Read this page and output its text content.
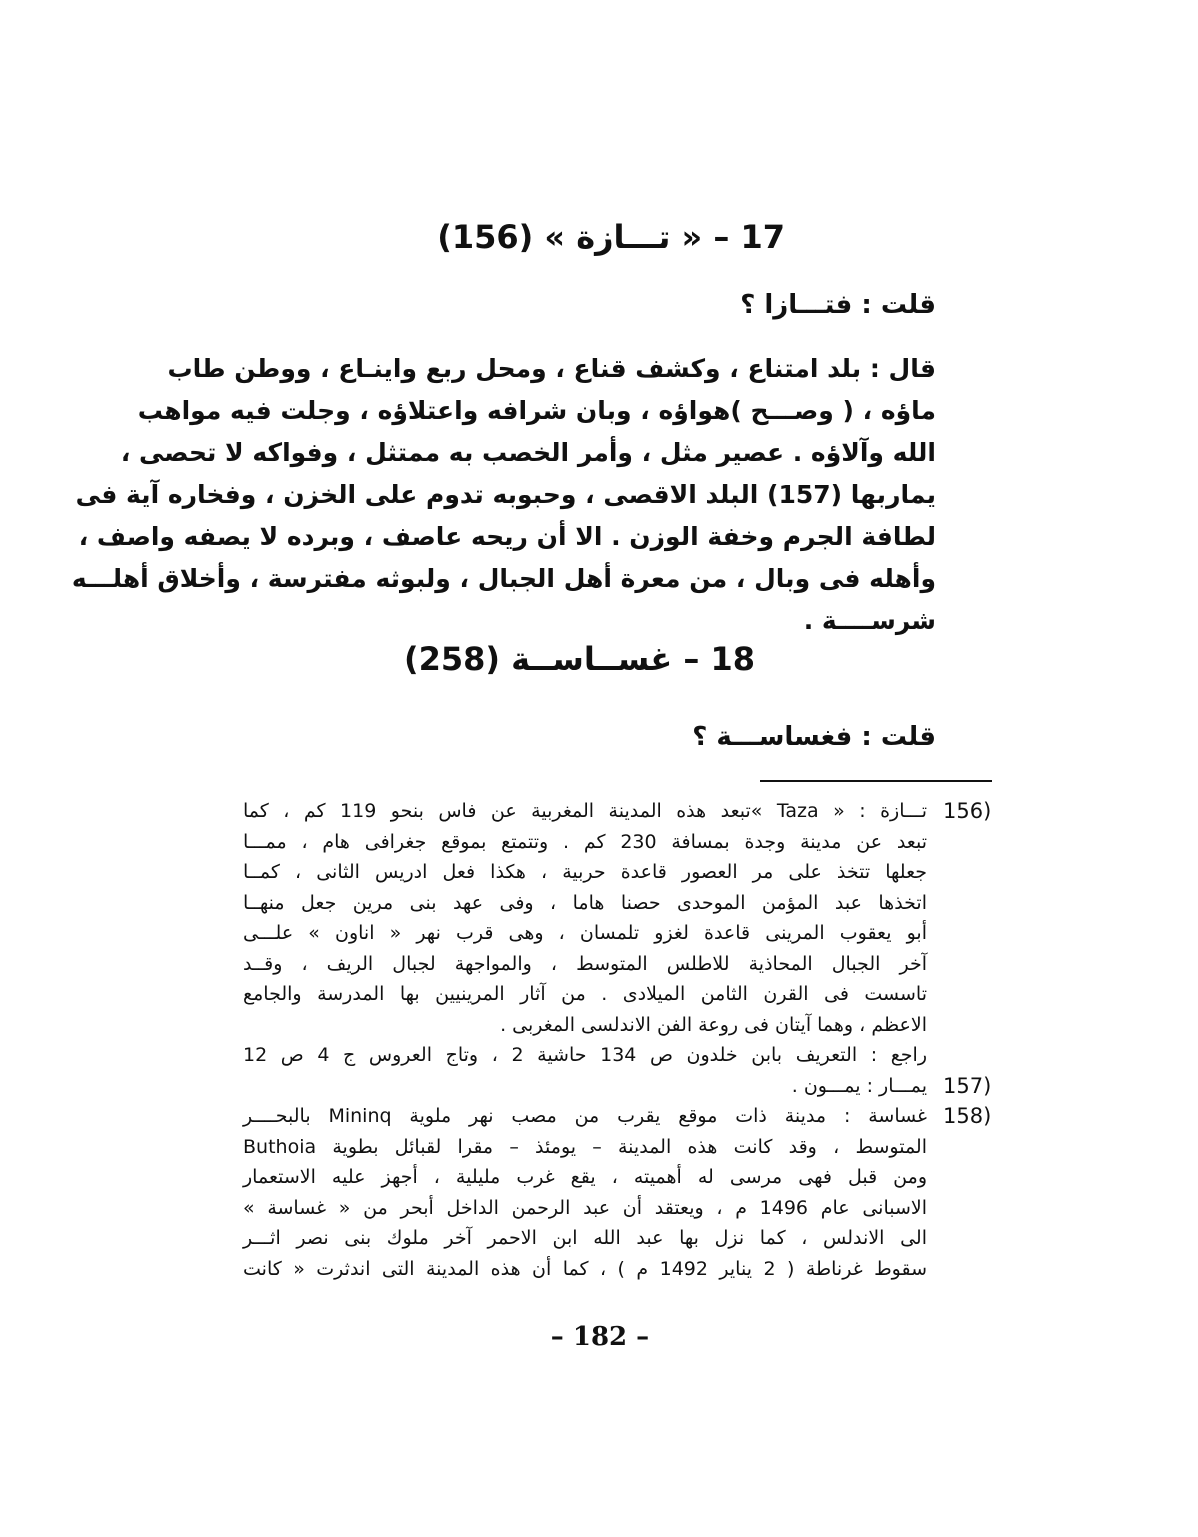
17 – « تـــازة » (156)
قلت : فتـــازا ؟
قال : بلد امتناع ، وكشف قناع ، ومحل ربع واينـاع ، ووطن طاب
ماؤه ، ( وصـــح )هواؤه ، وبان شرافه واعتلاؤه ، وجلت فيه مواهب
الله وآلاؤه . عصير مثل ، وأمر الخصب به ممتثل ، وفواكه لا تحصى ،
يماربها (157) البلد الاقصى ، وحبوبه تدوم على الخزن ، وفخاره آية فى
لطافة الجرم وخفة الوزن . الا أن ريحه عاصف ، وبرده لا يصفه واصف ،
وأهله فى وبال ، من معرة أهل الجبال ، ولبوثه مفترسة ، وأخلاق أهلـــه
شرســــة .
18 – غســاســة (258)
قلت : فغساســـة ؟
156)
تـــازة : « Taza »تبعد هذه المدينة المغربية عن فاس بنحو 119 كم ، كما
تبعد عن مدينة وجدة بمسافة 230 كم . وتتمتع بموقع جغرافى هام ، ممـــا
جعلها تتخذ على مر العصور قاعدة حربية ، هكذا فعل ادريس الثانى ، كمــا
اتخذها عبد المؤمن الموحدى حصنا هاما ، وفى عهد بنى مرين جعل منهــا
أبو يعقوب المرينى قاعدة لغزو تلمسان ، وهى قرب نهر « اناون » علـــى
آخر الجبال المحاذية للاطلس المتوسط ، والمواجهة لجبال الريف ، وقــد
تاسست فى القرن الثامن الميلادى . من آثار المرينيين بها المدرسة والجامع
الاعظم ، وهما آيتان فى روعة الفن الاندلسى المغربى .
راجع : التعريف بابن خلدون ص 134 حاشية 2 ، وتاج العروس ج 4 ص 12
157)
يمـــار : يمـــون .
158)
غساسة : مدينة ذات موقع يقرب من مصب نهر ملوية Mininq بالبحــــر
المتوسط ، وقد كانت هذه المدينة – يومئذ – مقرا لقبائل بطوية Buthoia
ومن قبل فهى مرسى له أهميته ، يقع غرب مليلية ، أجهز عليه الاستعمار
الاسبانى عام 1496 م ، ويعتقد أن عبد الرحمن الداخل أبحر من « غساسة »
الى الاندلس ، كما نزل بها عبد الله ابن الاحمر آخر ملوك بنى نصر اثـــر
سقوط غرناطة ( 2 يناير 1492 م ) ، كما أن هذه المدينة التى اندثرت « كانت
– 182 –
